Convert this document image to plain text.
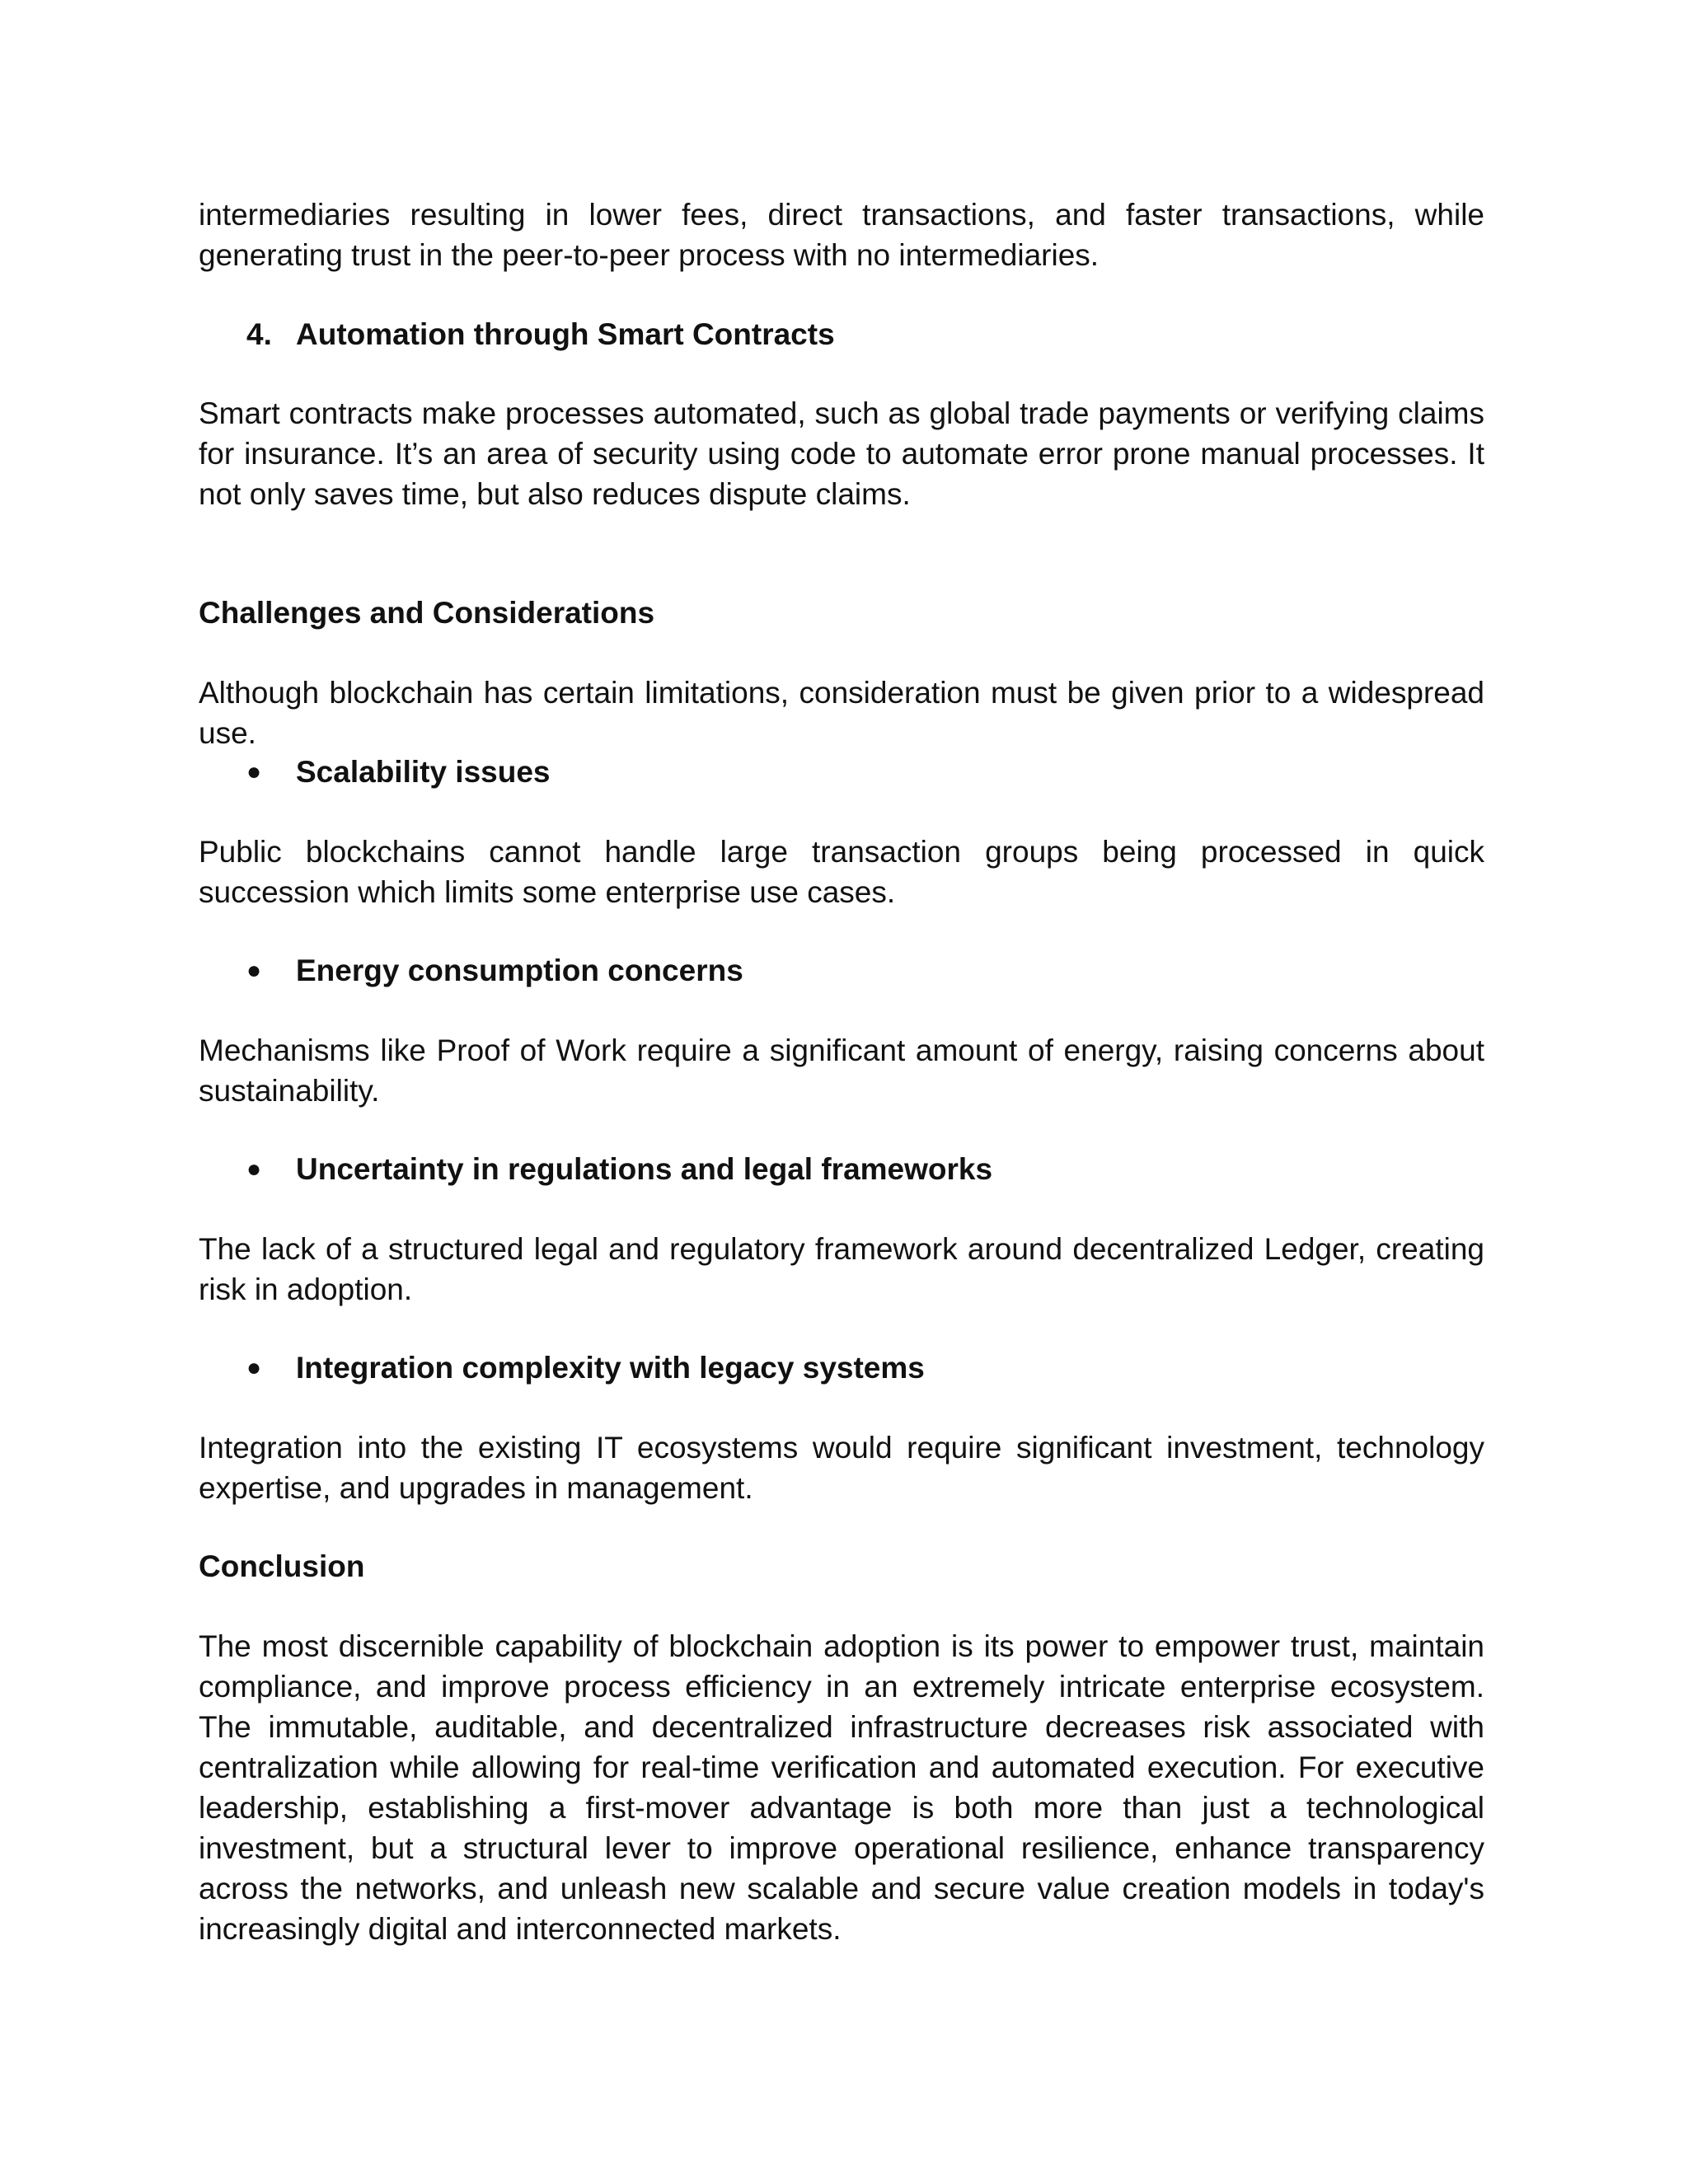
intermediaries resulting in lower fees, direct transactions, and faster transactions, while generating trust in the peer-to-peer process with no intermediaries.

4. Automation through Smart Contracts

Smart contracts make processes automated, such as global trade payments or verifying claims for insurance. It’s an area of security using code to automate error prone manual processes. It not only saves time, but also reduces dispute claims.

Challenges and Considerations

Although blockchain has certain limitations, consideration must be given prior to a widespread use.

● Scalability issues

Public blockchains cannot handle large transaction groups being processed in quick succession which limits some enterprise use cases.

● Energy consumption concerns

Mechanisms like Proof of Work require a significant amount of energy, raising concerns about sustainability.

● Uncertainty in regulations and legal frameworks

The lack of a structured legal and regulatory framework around decentralized Ledger, creating risk in adoption.

● Integration complexity with legacy systems

Integration into the existing IT ecosystems would require significant investment, technology expertise, and upgrades in management.

Conclusion

The most discernible capability of blockchain adoption is its power to empower trust, maintain compliance, and improve process efficiency in an extremely intricate enterprise ecosystem. The immutable, auditable, and decentralized infrastructure decreases risk associated with centralization while allowing for real-time verification and automated execution. For executive leadership, establishing a first-mover advantage is both more than just a technological investment, but a structural lever to improve operational resilience, enhance transparency across the networks, and unleash new scalable and secure value creation models in today's increasingly digital and interconnected markets.
